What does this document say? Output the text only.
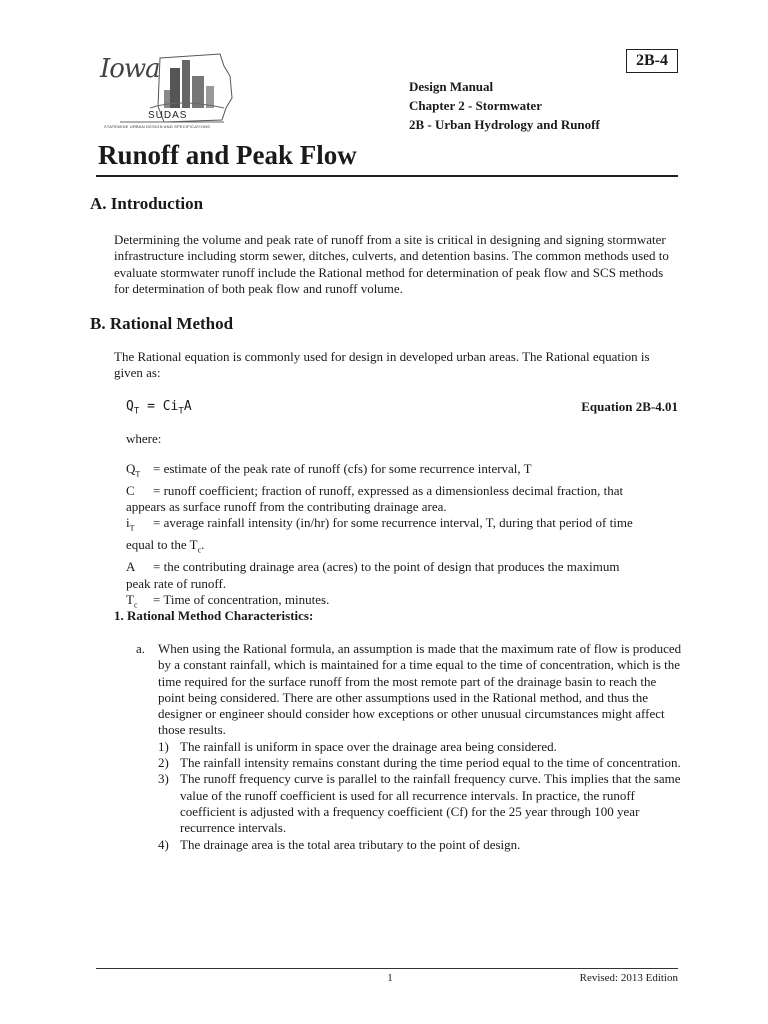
Iowa
SUDAS
STATEWIDE URBAN DESIGN AND SPECIFICATIONS
2B-4
Design Manual
Chapter 2 - Stormwater
2B - Urban Hydrology and Runoff
Runoff and Peak Flow
A. Introduction
Determining the volume and peak rate of runoff from a site is critical in designing and signing stormwater infrastructure including storm sewer, ditches, culverts, and detention basins. The common methods used to evaluate stormwater runoff include the Rational method for determination of peak flow and SCS methods for determination of both peak flow and runoff volume.
B. Rational Method
The Rational equation is commonly used for design in developed urban areas. The Rational equation is given as:
$Q_T = Ci_TA$	Equation 2B-4.01
where:
$Q_T$ = estimate of the peak rate of runoff (cfs) for some recurrence interval, T
C	= runoff coefficient; fraction of runoff, expressed as a dimensionless decimal fraction, that
appears as surface runoff from the contributing drainage area.
$i_T$	= average rainfall intensity (in/hr) for some recurrence interval, T, during that period of time
equal to the $T_c$.
A	= the contributing drainage area (acres) to the point of design that produces the maximum
peak rate of runoff.
$T_c$	= Time of concentration, minutes.
1. Rational Method Characteristics:
a. When using the Rational formula, an assumption is made that the maximum rate of flow is produced by a constant rainfall, which is maintained for a time equal to the time of concentration, which is the time required for the surface runoff from the most remote part of the drainage basin to reach the point being considered. There are other assumptions used in the Rational method, and thus the designer or engineer should consider how exceptions or other unusual circumstances might affect those results.
1) The rainfall is uniform in space over the drainage area being considered.
2) The rainfall intensity remains constant during the time period equal to the time of concentration.
3) The runoff frequency curve is parallel to the rainfall frequency curve. This implies that the same value of the runoff coefficient is used for all recurrence intervals. In practice, the runoff coefficient is adjusted with a frequency coefficient (Cf) for the 25 year through 100 year recurrence intervals.
4) The drainage area is the total area tributary to the point of design.
1	Revised: 2013 Edition
